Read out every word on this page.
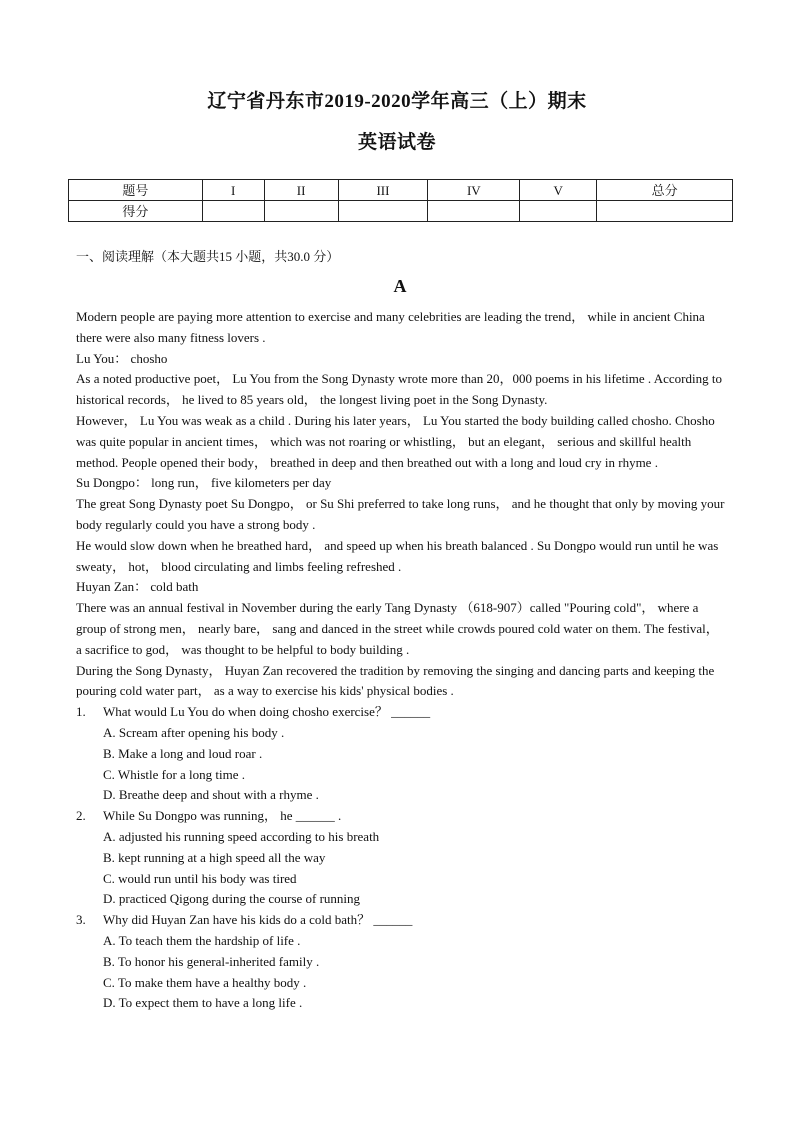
辽宁省丹东市2019-2020学年高三（上）期末
英语试卷
题号	I	II	III	IV	V	总分
得分						
一、阅读理解（本大题共15 小题，共30.0 分）
A

Modern people are paying more attention to exercise and many celebrities are leading the trend， while in ancient China there were also many fitness lovers .

Lu You： chosho

As a noted productive poet， Lu You from the Song Dynasty wrote more than 20，000 poems in his lifetime . According to historical records， he lived to 85 years old， the longest living poet in the Song Dynasty.

However， Lu You was weak as a child . During his later years， Lu You started the body building called chosho. Chosho was quite popular in ancient times， which was not roaring or whistling， but an elegant， serious and skillful health method. People opened their body， breathed in deep and then breathed out with a long and loud cry in rhyme .

Su Dongpo： long run， five kilometers per day

The great Song Dynasty poet Su Dongpo， or Su Shi preferred to take long runs， and he thought that only by moving your body regularly could you have a strong body .

He would slow down when he breathed hard， and speed up when his breath balanced . Su Dongpo would run until he was sweaty， hot， blood circulating and limbs feeling refreshed .

Huyan Zan： cold bath

There was an annual festival in November during the early Tang Dynasty （618-907）called "Pouring cold"， where a group of strong men， nearly bare， sang and danced in the street while crowds poured cold water on them. The festival， a sacrifice to god， was thought to be helpful to body building .

During the Song Dynasty， Huyan Zan recovered the tradition by removing the singing and dancing parts and keeping the pouring cold water part， as a way to exercise his kids' physical bodies .

1.	What would Lu You do when doing chosho exercise？ ______
A. Scream after opening his body .
B. Make a long and loud roar .
C. Whistle for a long time .
D. Breathe deep and shout with a rhyme .
2.	While Su Dongpo was running， he ______ .
A. adjusted his running speed according to his breath
B. kept running at a high speed all the way
C. would run until his body was tired
D. practiced Qigong during the course of running
3.	Why did Huyan Zan have his kids do a cold bath？ ______
A. To teach them the hardship of life .
B. To honor his general-inherited family .
C. To make them have a healthy body .
D. To expect them to have a long life .
